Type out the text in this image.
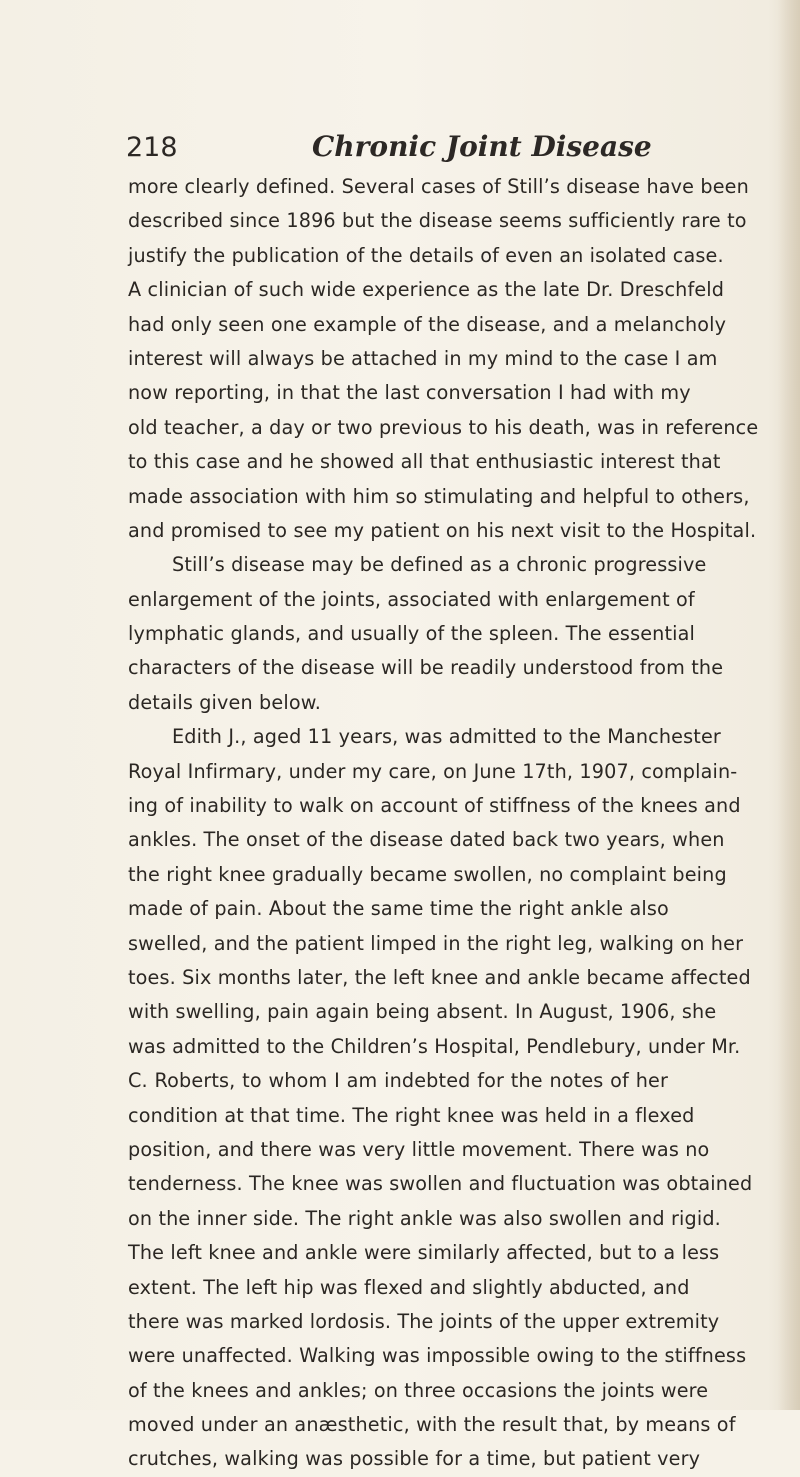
218	Chronic Joint Disease
more clearly defined. Several cases of Still’s disease have been
described since 1896 but the disease seems sufficiently rare to
justify the publication of the details of even an isolated case.
A clinician of such wide experience as the late Dr. Dreschfeld
had only seen one example of the disease, and a melancholy
interest will always be attached in my mind to the case I am
now reporting, in that the last conversation I had with my
old teacher, a day or two previous to his death, was in reference
to this case and he showed all that enthusiastic interest that
made association with him so stimulating and helpful to others,
and promised to see my patient on his next visit to the Hospital.
Still’s disease may be defined as a chronic progressive
enlargement of the joints, associated with enlargement of
lymphatic glands, and usually of the spleen. The essential
characters of the disease will be readily understood from the
details given below.
Edith J., aged 11 years, was admitted to the Manchester
Royal Infirmary, under my care, on June 17th, 1907, complain-
ing of inability to walk on account of stiffness of the knees and
ankles. The onset of the disease dated back two years, when
the right knee gradually became swollen, no complaint being
made of pain. About the same time the right ankle also
swelled, and the patient limped in the right leg, walking on her
toes. Six months later, the left knee and ankle became affected
with swelling, pain again being absent. In August, 1906, she
was admitted to the Children’s Hospital, Pendlebury, under Mr.
C. Roberts, to whom I am indebted for the notes of her
condition at that time. The right knee was held in a flexed
position, and there was very little movement. There was no
tenderness. The knee was swollen and fluctuation was obtained
on the inner side. The right ankle was also swollen and rigid.
The left knee and ankle were similarly affected, but to a less
extent. The left hip was flexed and slightly abducted, and
there was marked lordosis. The joints of the upper extremity
were unaffected. Walking was impossible owing to the stiffness
of the knees and ankles; on three occasions the joints were
moved under an anæsthetic, with the result that, by means of
crutches, walking was possible for a time, but patient very
